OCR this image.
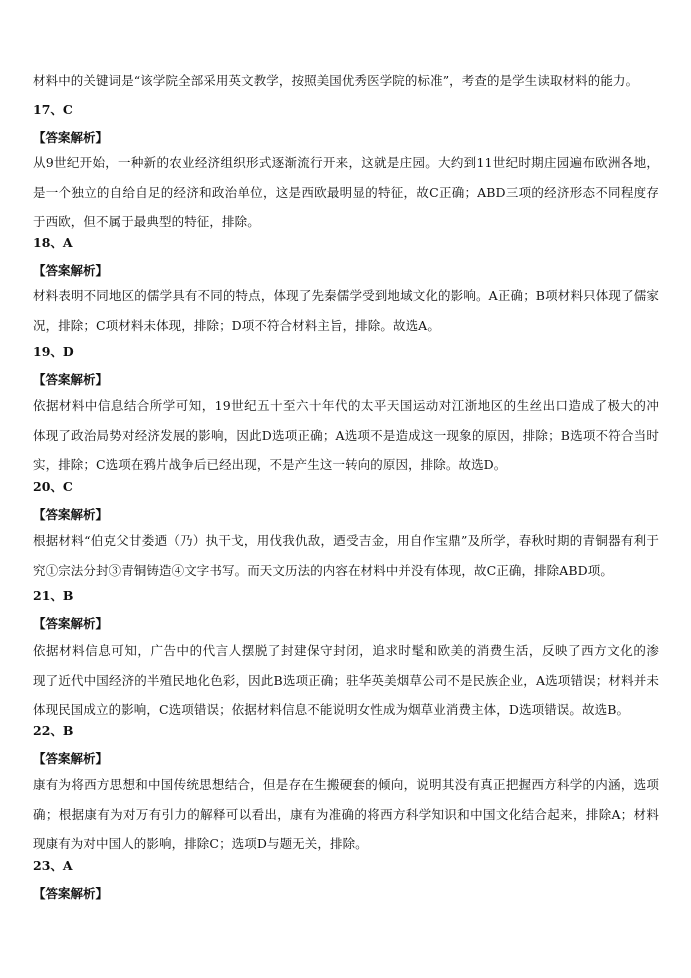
材料中的关键词是“该学院全部采用英文教学，按照美国优秀医学院的标准”，考查的是学生读取材料的能力。

17、C
【答案解析】

从9世纪开始，一种新的农业经济组织形式逐渐流行开来，这就是庄园。大约到11世纪时期庄园遍布欧洲各地，
是一个独立的自给自足的经济和政治单位，这是西欧最明显的特征，故C正确；ABD三项的经济形态不同程度存
于西欧，但不属于最典型的特征，排除。

18、A
【答案解析】

材料表明不同地区的儒学具有不同的特点，体现了先秦儒学受到地域文化的影响。A正确；B项材料只体现了儒家
况，排除；C项材料未体现，排除；D项不符合材料主旨，排除。故选A。

19、D
【答案解析】

依据材料中信息结合所学可知，19世纪五十至六十年代的太平天国运动对江浙地区的生丝出口造成了极大的冲
体现了政治局势对经济发展的影响，因此D选项正确；A选项不是造成这一现象的原因，排除；B选项不符合当时
实，排除；C选项在鸦片战争后已经出现，不是产生这一转向的原因，排除。故选D。

20、C
【答案解析】

根据材料“伯克父甘娄迺（乃）执干戈，用伐我仇敌，迺受吉金，用自作宝鼎”及所学，春秋时期的青铜器有利于
究①宗法分封③青铜铸造④文字书写。而天文历法的内容在材料中并没有体现，故C正确，排除ABD项。

21、B
【答案解析】

依据材料信息可知，广告中的代言人摆脱了封建保守封闭，追求时髦和欧美的消费生活，反映了西方文化的渗
现了近代中国经济的半殖民地化色彩，因此B选项正确；驻华英美烟草公司不是民族企业，A选项错误；材料并未
体现民国成立的影响，C选项错误；依据材料信息不能说明女性成为烟草业消费主体，D选项错误。故选B。

22、B
【答案解析】

康有为将西方思想和中国传统思想结合，但是存在生搬硬套的倾向，说明其没有真正把握西方科学的内涵，选项
确；根据康有为对万有引力的解释可以看出，康有为准确的将西方科学知识和中国文化结合起来，排除A；材料
现康有为对中国人的影响，排除C；选项D与题无关，排除。

23、A
【答案解析】
